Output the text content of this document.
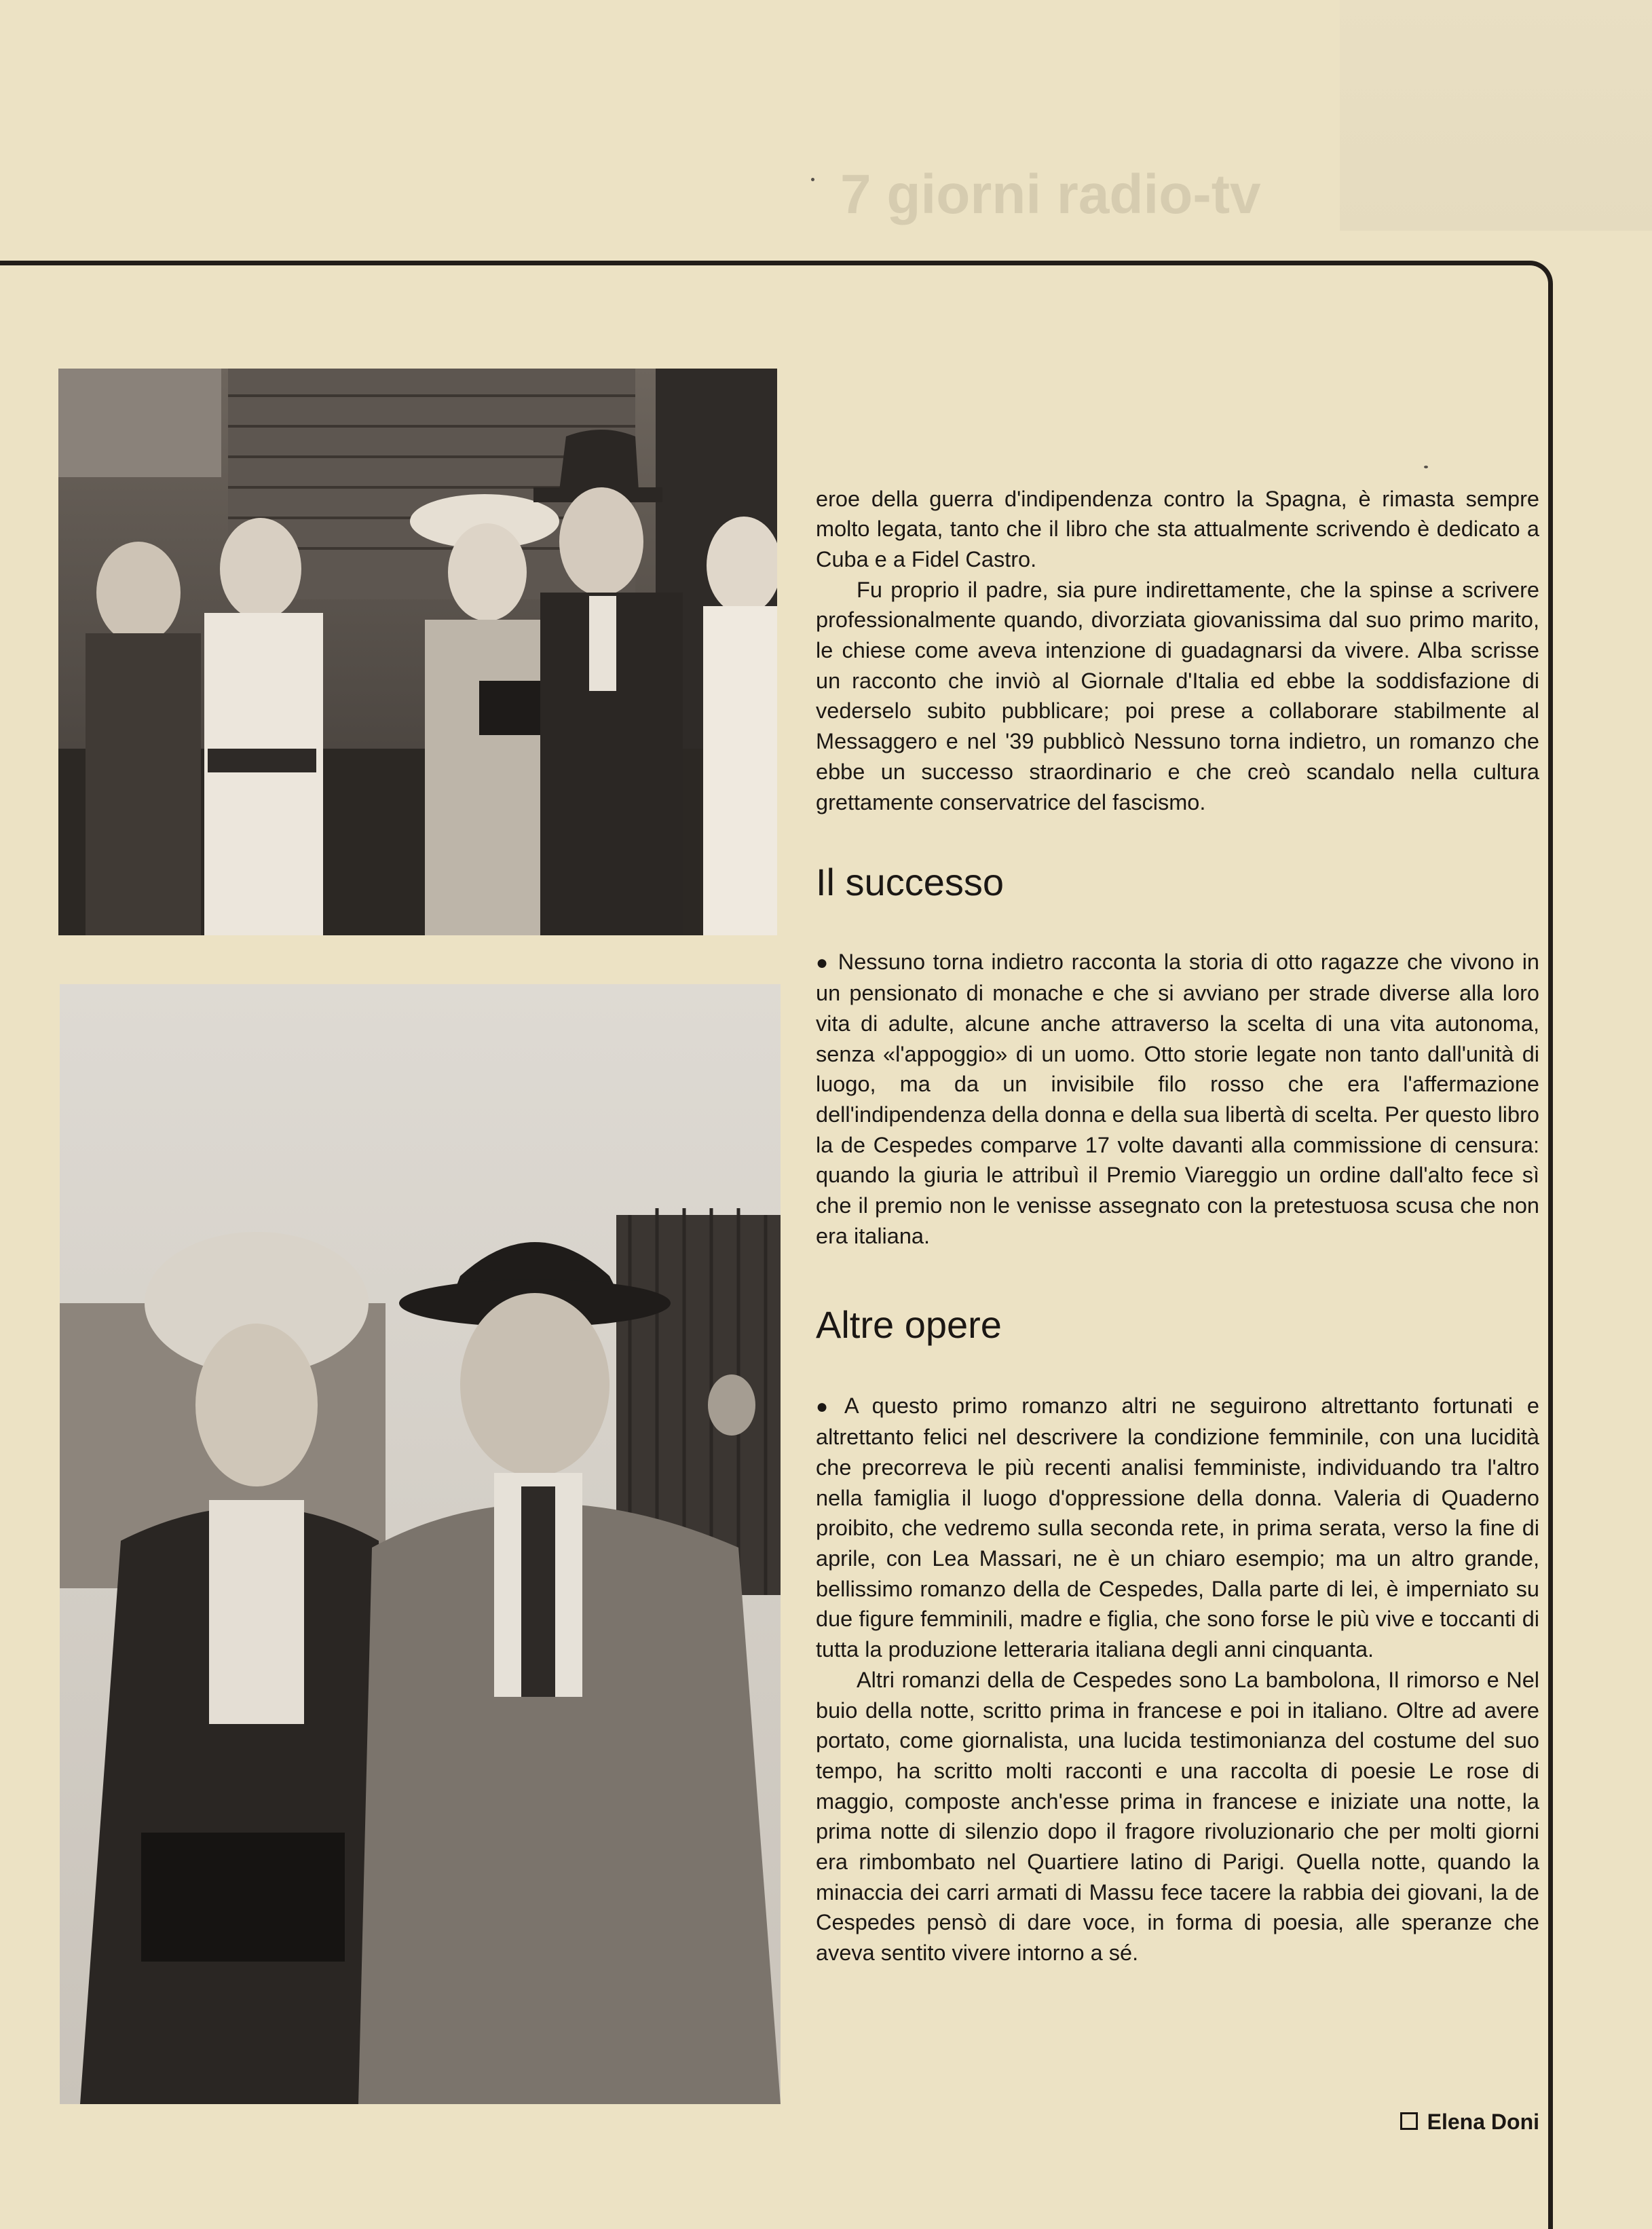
7 giorni radio-tv

eroe della guerra d'indipendenza contro la Spagna, è rimasta sempre molto legata, tanto che il libro che sta attualmente scrivendo è dedicato a Cuba e a Fidel Castro.
Fu proprio il padre, sia pure indirettamente, che la spinse a scrivere professionalmente quando, divorziata giovanissima dal suo primo marito, le chiese come aveva intenzione di guadagnarsi da vivere. Alba scrisse un racconto che inviò al Giornale d'Italia ed ebbe la soddisfazione di vederselo subito pubblicare; poi prese a collaborare stabilmente al Messaggero e nel '39 pubblicò Nessuno torna indietro, un romanzo che ebbe un successo straordinario e che creò scandalo nella cultura grettamente conservatrice del fascismo.

Il successo

● Nessuno torna indietro racconta la storia di otto ragazze che vivono in un pensionato di monache e che si avviano per strade diverse alla loro vita di adulte, alcune anche attraverso la scelta di una vita autonoma, senza «l'appoggio» di un uomo. Otto storie legate non tanto dall'unità di luogo, ma da un invisibile filo rosso che era l'affermazione dell'indipendenza della donna e della sua libertà di scelta. Per questo libro la de Cespedes comparve 17 volte davanti alla commissione di censura: quando la giuria le attribuì il Premio Viareggio un ordine dall'alto fece sì che il premio non le venisse assegnato con la pretestuosa scusa che non era italiana.

Altre opere

● A questo primo romanzo altri ne seguirono altrettanto fortunati e altrettanto felici nel descrivere la condizione femminile, con una lucidità che precorreva le più recenti analisi femministe, individuando tra l'altro nella famiglia il luogo d'oppressione della donna. Valeria di Quaderno proibito, che vedremo sulla seconda rete, in prima serata, verso la fine di aprile, con Lea Massari, ne è un chiaro esempio; ma un altro grande, bellissimo romanzo della de Cespedes, Dalla parte di lei, è imperniato su due figure femminili, madre e figlia, che sono forse le più vive e toccanti di tutta la produzione letteraria italiana degli anni cinquanta.
Altri romanzi della de Cespedes sono La bambolona, Il rimorso e Nel buio della notte, scritto prima in francese e poi in italiano. Oltre ad avere portato, come giornalista, una lucida testimonianza del costume del suo tempo, ha scritto molti racconti e una raccolta di poesie Le rose di maggio, composte anch'esse prima in francese e iniziate una notte, la prima notte di silenzio dopo il fragore rivoluzionario che per molti giorni era rimbombato nel Quartiere latino di Parigi. Quella notte, quando la minaccia dei carri armati di Massu fece tacere la rabbia dei giovani, la de Cespedes pensò di dare voce, in forma di poesia, alle speranze che aveva sentito vivere intorno a sé.

Elena Doni
